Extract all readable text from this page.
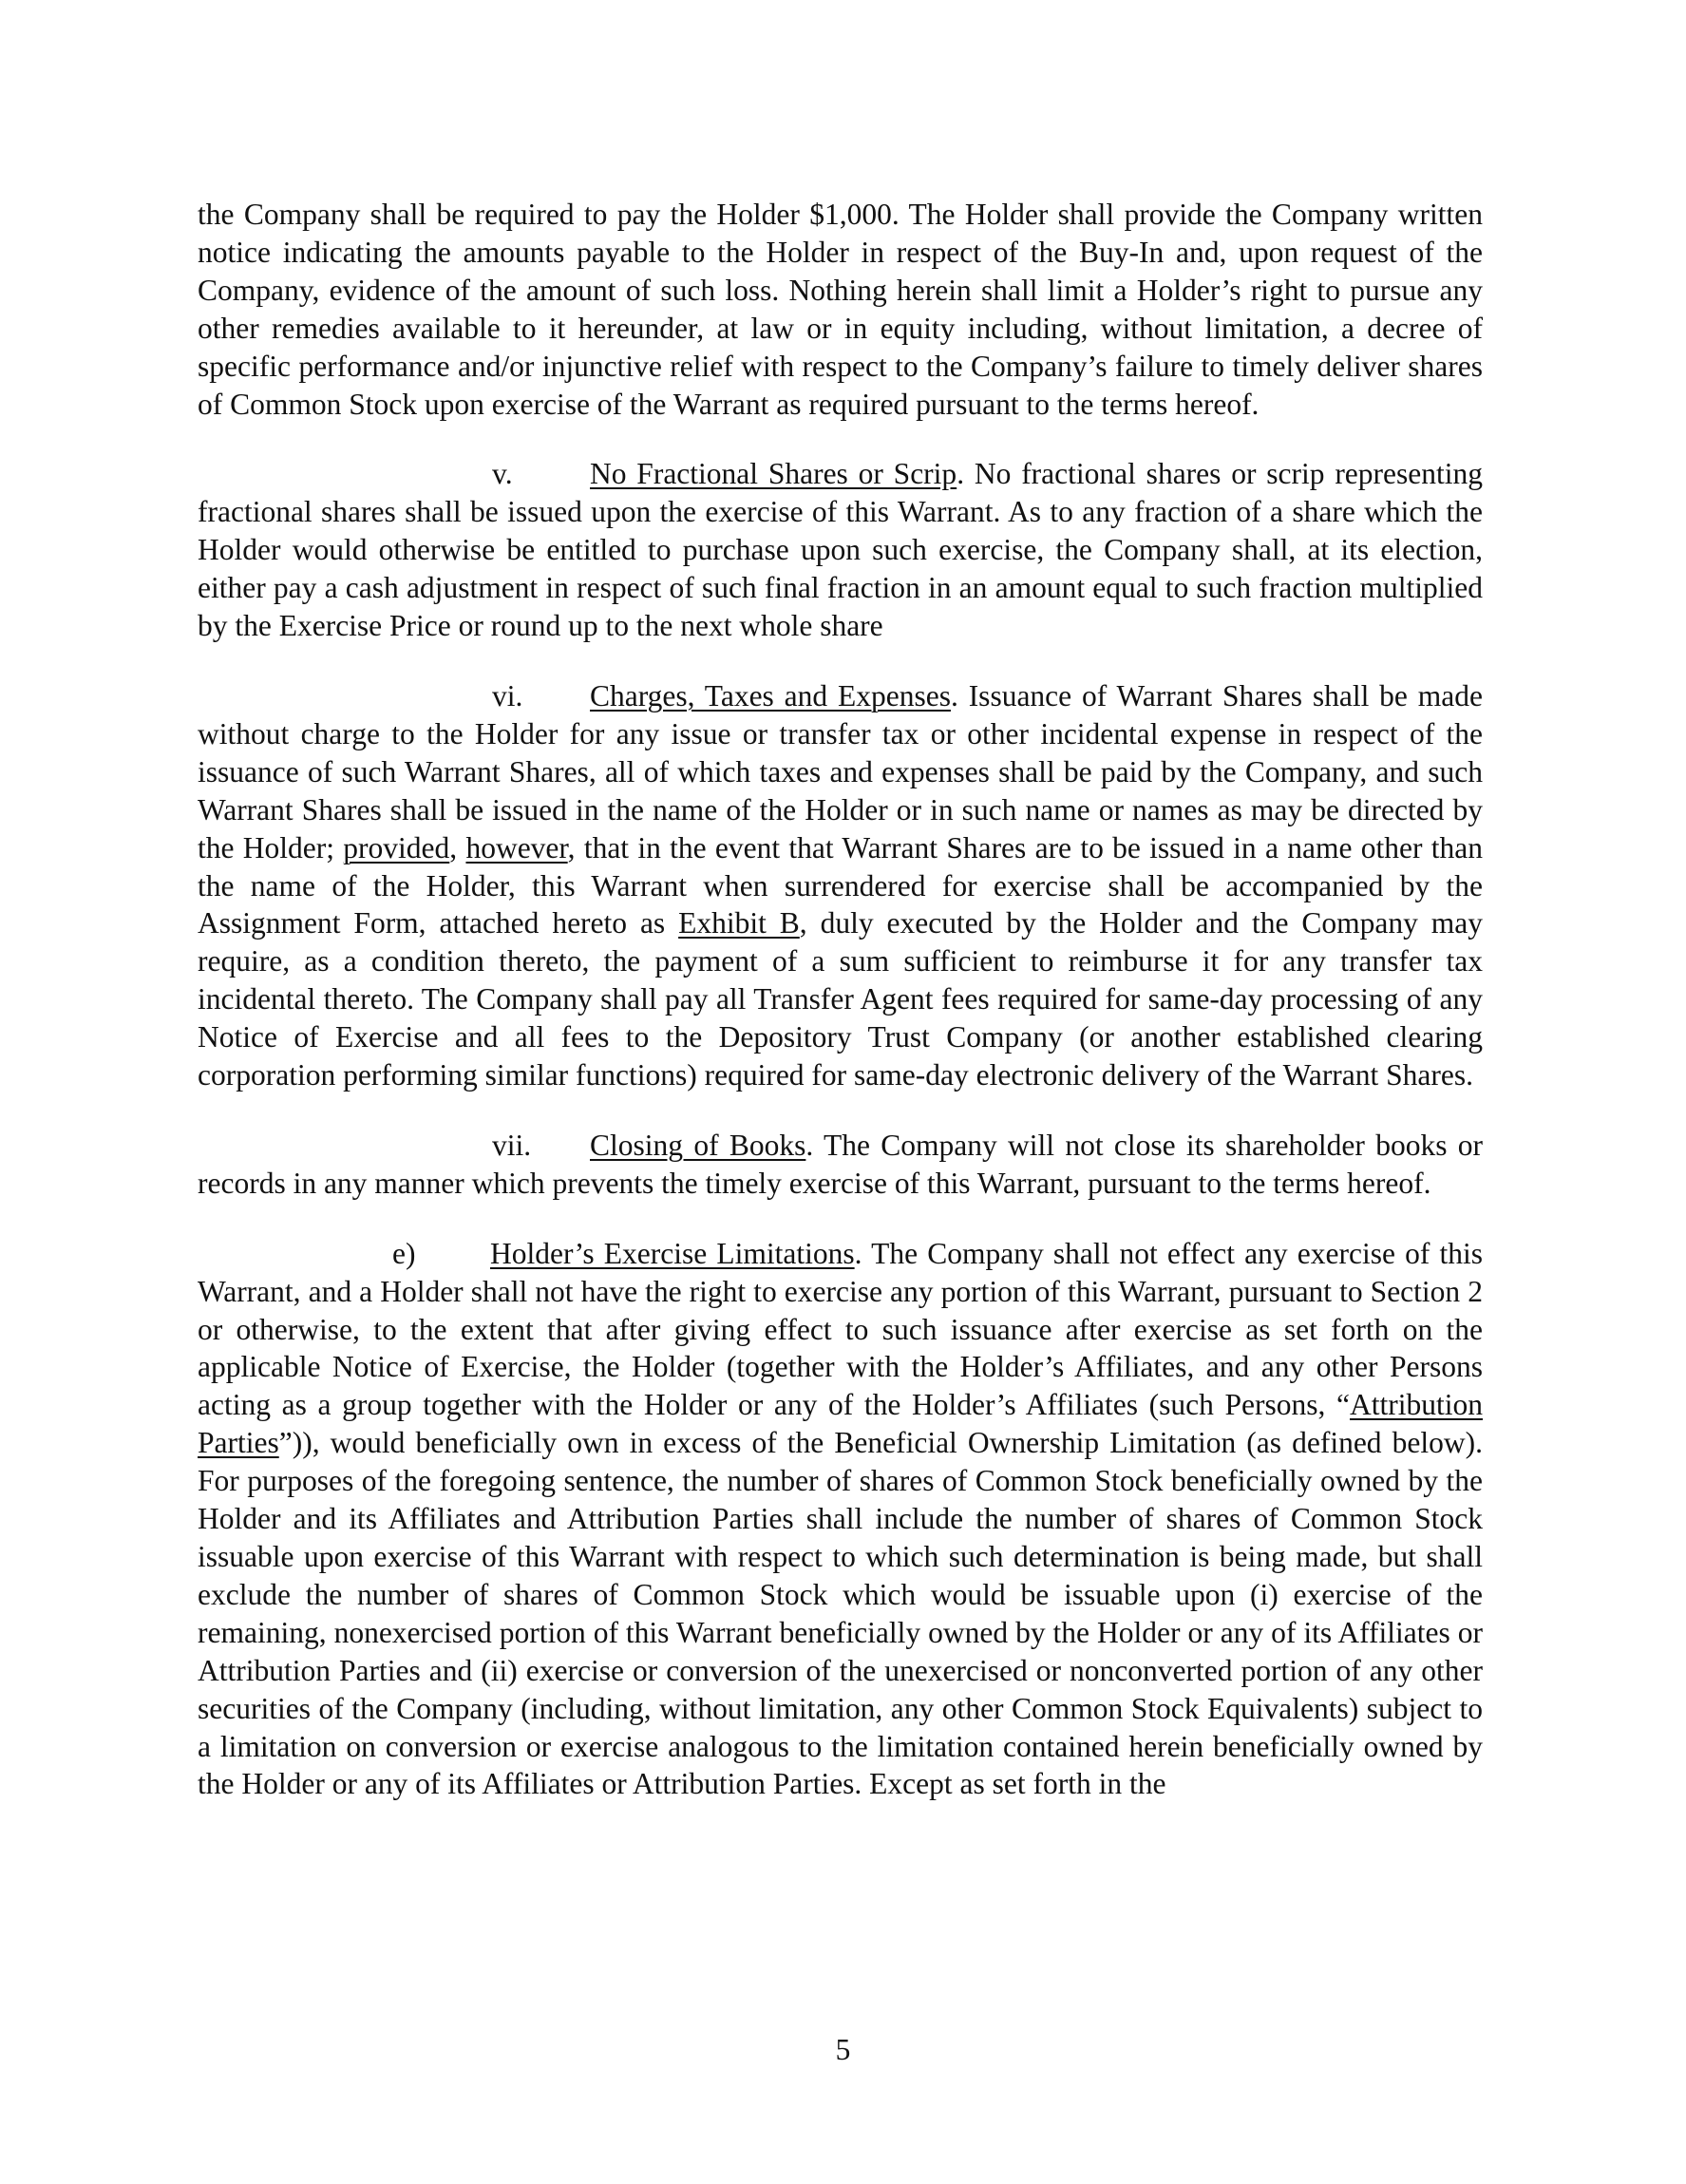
the Company shall be required to pay the Holder $1,000. The Holder shall provide the Company written notice indicating the amounts payable to the Holder in respect of the Buy-In and, upon request of the Company, evidence of the amount of such loss. Nothing herein shall limit a Holder’s right to pursue any other remedies available to it hereunder, at law or in equity including, without limitation, a decree of specific performance and/or injunctive relief with respect to the Company’s failure to timely deliver shares of Common Stock upon exercise of the Warrant as required pursuant to the terms hereof.

v.	No Fractional Shares or Scrip. No fractional shares or scrip representing fractional shares shall be issued upon the exercise of this Warrant. As to any fraction of a share which the Holder would otherwise be entitled to purchase upon such exercise, the Company shall, at its election, either pay a cash adjustment in respect of such final fraction in an amount equal to such fraction multiplied by the Exercise Price or round up to the next whole share

vi. Charges, Taxes and Expenses. Issuance of Warrant Shares shall be made without charge to the Holder for any issue or transfer tax or other incidental expense in respect of the issuance of such Warrant Shares, all of which taxes and expenses shall be paid by the Company, and such Warrant Shares shall be issued in the name of the Holder or in such name or names as may be directed by the Holder; provided, however, that in the event that Warrant Shares are to be issued in a name other than the name of the Holder, this Warrant when surrendered for exercise shall be accompanied by the Assignment Form, attached hereto as Exhibit B, duly executed by the Holder and the Company may require, as a condition thereto, the payment of a sum sufficient to reimburse it for any transfer tax incidental thereto. The Company shall pay all Transfer Agent fees required for same-day processing of any Notice of Exercise and all fees to the Depository Trust Company (or another established clearing corporation performing similar functions) required for same-day electronic delivery of the Warrant Shares.

vii. Closing of Books. The Company will not close its shareholder books or records in any manner which prevents the timely exercise of this Warrant, pursuant to the terms hereof.

e) Holder’s Exercise Limitations. The Company shall not effect any exercise of this Warrant, and a Holder shall not have the right to exercise any portion of this Warrant, pursuant to Section 2 or otherwise, to the extent that after giving effect to such issuance after exercise as set forth on the applicable Notice of Exercise, the Holder (together with the Holder’s Affiliates, and any other Persons acting as a group together with the Holder or any of the Holder’s Affiliates (such Persons, “Attribution Parties”)), would beneficially own in excess of the Beneficial Ownership Limitation (as defined below). For purposes of the foregoing sentence, the number of shares of Common Stock beneficially owned by the Holder and its Affiliates and Attribution Parties shall include the number of shares of Common Stock issuable upon exercise of this Warrant with respect to which such determination is being made, but shall exclude the number of shares of Common Stock which would be issuable upon (i) exercise of the remaining, nonexercised portion of this Warrant beneficially owned by the Holder or any of its Affiliates or Attribution Parties and (ii) exercise or conversion of the unexercised or nonconverted portion of any other securities of the Company (including, without limitation, any other Common Stock Equivalents) subject to a limitation on conversion or exercise analogous to the limitation contained herein beneficially owned by the Holder or any of its Affiliates or Attribution Parties. Except as set forth in the

5
